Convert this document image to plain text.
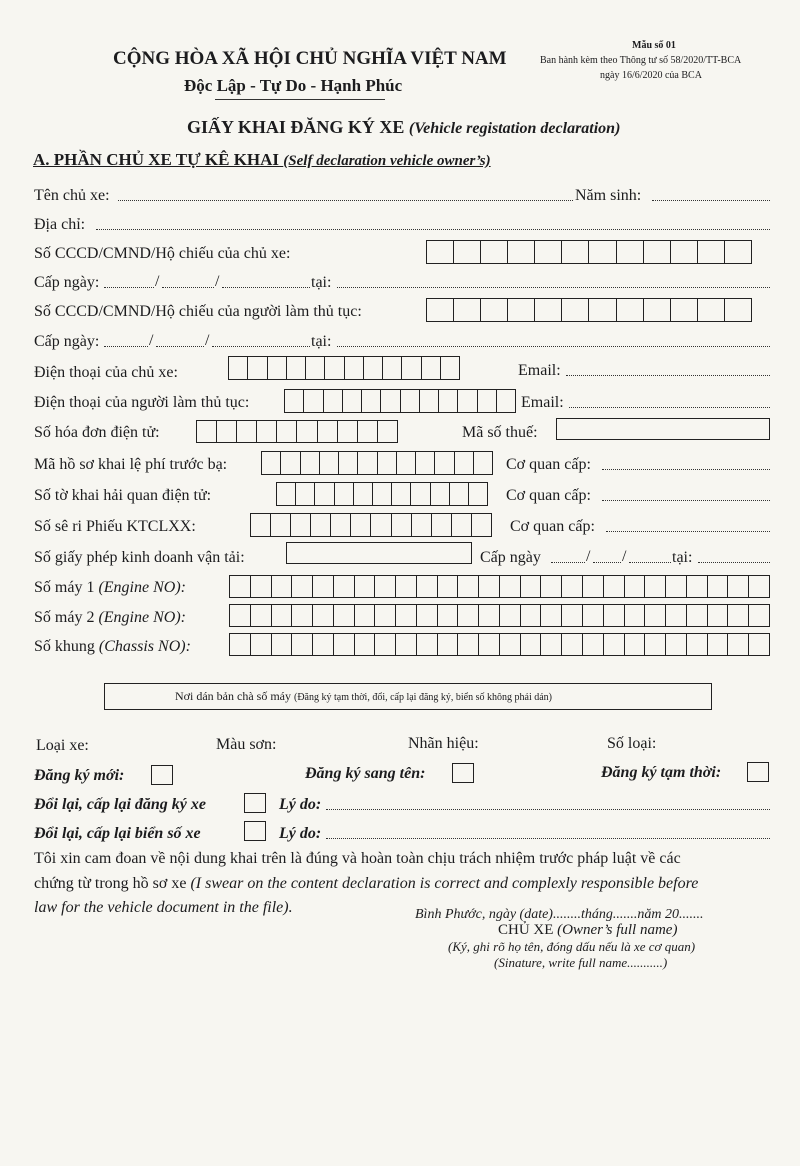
CỘNG HÒA XÃ HỘI CHỦ NGHĨA VIỆT NAM
Độc Lập - Tự Do - Hạnh Phúc
Mẫu số 01
Ban hành kèm theo Thông tư số 58/2020/TT-BCA
ngày 16/6/2020 của BCA
GIẤY KHAI ĐĂNG KÝ XE (Vehicle registation declaration)
A. PHẦN CHỦ XE TỰ KÊ KHAI (Self declaration vehicle owner’s)
Tên chủ xe:	Năm sinh:
Địa chỉ:
Số CCCD/CMND/Hộ chiếu của chủ xe:
Cấp ngày:	/	/	tại:
Số CCCD/CMND/Hộ chiếu của người làm thủ tục:
Cấp ngày:	/	/	tại:
Điện thoại của chủ xe:	Email:
Điện thoại của người làm thủ tục:	Email:
Số hóa đơn điện tử:	Mã số thuế:
Mã hồ sơ khai lệ phí trước bạ:	Cơ quan cấp:
Số tờ khai hải quan điện tử:	Cơ quan cấp:
Số sê ri Phiếu KTCLXX:	Cơ quan cấp:
Số giấy phép kinh doanh vận tải:	Cấp ngày	/ /	tại:
Số máy 1 (Engine NO):
Số máy 2 (Engine NO):
Số khung (Chassis NO):
Nơi dán bản chà số máy (Đăng ký tạm thời, đổi, cấp lại đăng ký, biển số không phải dán)
Loại xe:	Màu sơn:	Nhãn hiệu:	Số loại:
Đăng ký mới:	Đăng ký sang tên:	Đăng ký tạm thời:
Đổi lại, cấp lại đăng ký xe	Lý do:
Đổi lại, cấp lại biển số xe	Lý do:
Tôi xin cam đoan về nội dung khai trên là đúng và hoàn toàn chịu trách nhiệm trước pháp luật về các
chứng từ trong hồ sơ xe (I swear on the content declaration is correct and complexly responsible before
law for the vehicle document in the file).	Bình Phước, ngày (date)........tháng.......năm 20.......
CHỦ XE (Owner’s full name)
(Ký, ghi rõ họ tên, đóng dấu nếu là xe cơ quan)
(Sinature, write full name...........)
